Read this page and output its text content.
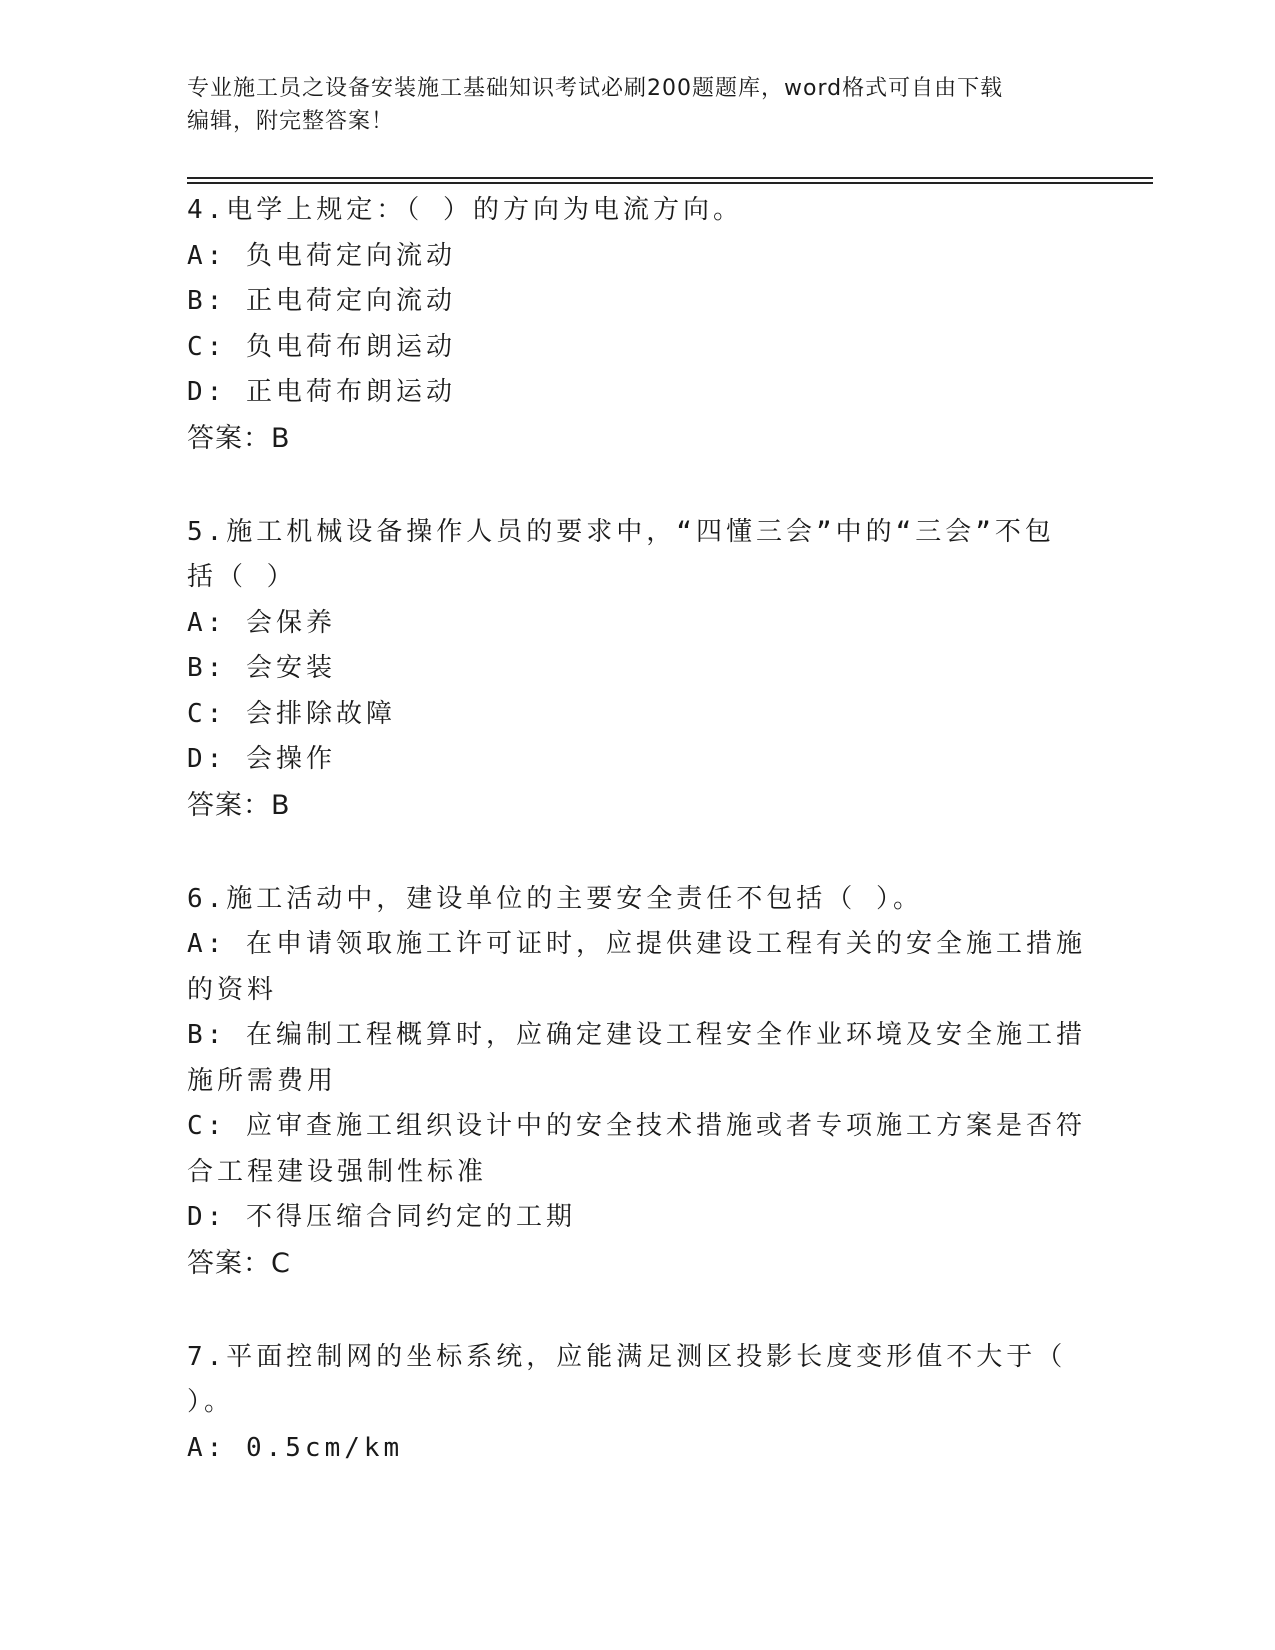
专业施工员之设备安装施工基础知识考试必刷200题题库，word格式可自由下载
编辑，附完整答案！
4.电学上规定：（ ）的方向为电流方向。
A: 负电荷定向流动
B: 正电荷定向流动
C: 负电荷布朗运动
D: 正电荷布朗运动
答案：B
5.施工机械设备操作人员的要求中，“四懂三会”中的“三会”不包括（ ）
A: 会保养
B: 会安装
C: 会排除故障
D: 会操作
答案：B
6.施工活动中，建设单位的主要安全责任不包括（ ）。
A: 在申请领取施工许可证时，应提供建设工程有关的安全施工措施的资料
B: 在编制工程概算时，应确定建设工程安全作业环境及安全施工措施所需费用
C: 应审查施工组织设计中的安全技术措施或者专项施工方案是否符合工程建设强制性标准
D: 不得压缩合同约定的工期
答案：C
7.平面控制网的坐标系统，应能满足测区投影长度变形值不大于（ ）。
A: 0.5cm/km
